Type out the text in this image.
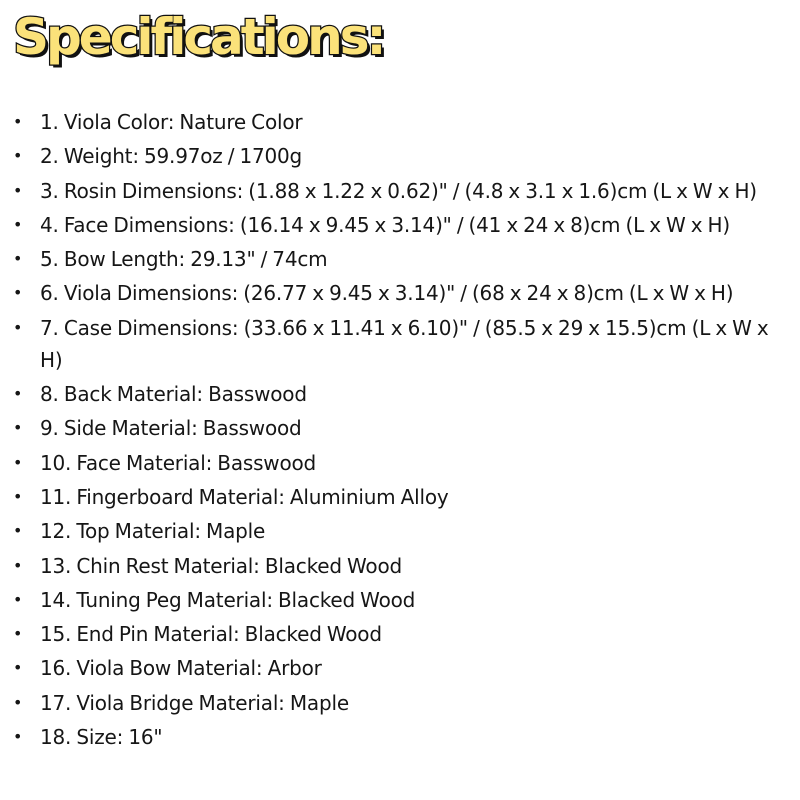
Specifications:
• 1. Viola Color: Nature Color
• 2. Weight: 59.97oz / 1700g
• 3. Rosin Dimensions: (1.88 x 1.22 x 0.62)" / (4.8 x 3.1 x 1.6)cm (L x W x H)
• 4. Face Dimensions: (16.14 x 9.45 x 3.14)" / (41 x 24 x 8)cm (L x W x H)
• 5. Bow Length: 29.13" / 74cm
• 6. Viola Dimensions: (26.77 x 9.45 x 3.14)" / (68 x 24 x 8)cm (L x W x H)
• 7. Case Dimensions: (33.66 x 11.41 x 6.10)" / (85.5 x 29 x 15.5)cm (L x W x H)
• 8. Back Material: Basswood
• 9. Side Material: Basswood
• 10. Face Material: Basswood
• 11. Fingerboard Material: Aluminium Alloy
• 12. Top Material: Maple
• 13. Chin Rest Material: Blacked Wood
• 14. Tuning Peg Material: Blacked Wood
• 15. End Pin Material: Blacked Wood
• 16. Viola Bow Material: Arbor
• 17. Viola Bridge Material: Maple
• 18. Size: 16"
